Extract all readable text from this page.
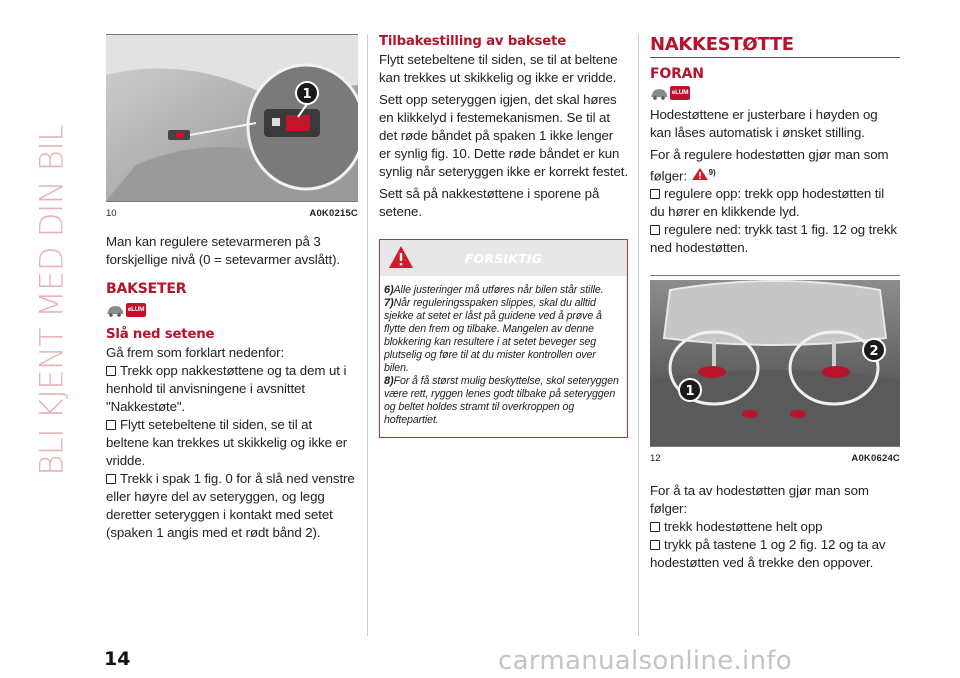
BLI KJENT MED DIN BIL
1
10	A0K0215C
Man kan regulere setevarmeren på 3 forskjellige nivå (0 = setevarmer avslått).
BAKSETER
eLUM
Slå ned setene
Gå frem som forklart nedenfor:
Trekk opp nakkestøttene og ta dem ut i henhold til anvisningene i avsnittet "Nakkestøte".
Flytt setebeltene til siden, se til at beltene kan trekkes ut skikkelig og ikke er vridde.
Trekk i spak 1 fig. 0 for å slå ned venstre eller høyre del av seteryggen, og legg deretter seteryggen i kontakt med setet (spaken 1 angis med et rødt bånd 2).
Tilbakestilling av baksete
Flytt setebeltene til siden, se til at beltene kan trekkes ut skikkelig og ikke er vridde.
Sett opp seteryggen igjen, det skal høres en klikkelyd i festemekanismen. Se til at det røde båndet på spaken 1 ikke lenger er synlig fig. 10. Dette røde båndet er kun synlig når seteryggen ikke er korrekt festet.
Sett så på nakkestøttene i sporene på setene.
FORSIKTIG
6)Alle justeringer må utføres når bilen står stille.
7)Når reguleringsspaken slippes, skal du alltid sjekke at setet er låst på guidene ved å prøve å flytte den frem og tilbake. Mangelen av denne blokkering kan resultere i at setet beveger seg plutselig og føre til at du mister kontrollen over bilen.
8)For å få størst mulig beskyttelse, skol seteryggen være rett, ryggen lenes godt tilbake på seteryggen og beltet holdes stramt til overkroppen og hoftepartiet.
NAKKESTØTTE
FORAN
eLUM
Hodestøttene er justerbare i høyden og kan låses automatisk i ønsket stilling.
For å regulere hodestøtten gjør man som følger:	$^{9)}$
regulere opp: trekk opp hodestøtten til du hører en klikkende lyd.
regulere ned: trykk tast 1 fig. 12 og trekk ned hodestøtten.
1
2
12	A0K0624C
For å ta av hodestøtten gjør man som følger:
trekk hodestøttene helt opp
trykk på tastene 1 og 2 fig. 12 og ta av hodestøtten ved å trekke den oppover.
14	carmanualsonline.info
